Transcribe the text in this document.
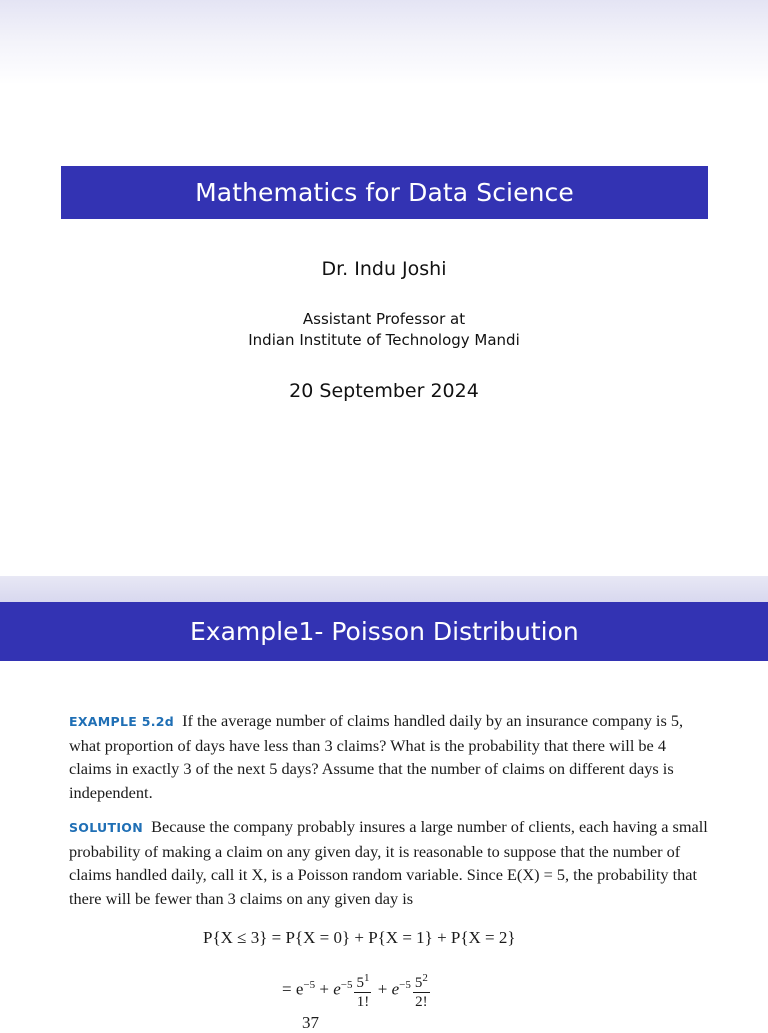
Mathematics for Data Science
Dr. Indu Joshi
Assistant Professor at
Indian Institute of Technology Mandi
20 September 2024
Example1- Poisson Distribution
EXAMPLE 5.2d If the average number of claims handled daily by an insurance company is 5, what proportion of days have less than 3 claims? What is the probability that there will be 4 claims in exactly 3 of the next 5 days? Assume that the number of claims on different days is independent.
SOLUTION Because the company probably insures a large number of clients, each having a small probability of making a claim on any given day, it is reasonable to suppose that the number of claims handled daily, call it X, is a Poisson random variable. Since E(X) = 5, the probability that there will be fewer than 3 claims on any given day is
P{X ≤ 3} = P{X = 0} + P{X = 1} + P{X = 2}
= $e^{-5} + e^{-5} \frac{5^1}{1!} + e^{-5} \frac{5^2}{2!}$
37
